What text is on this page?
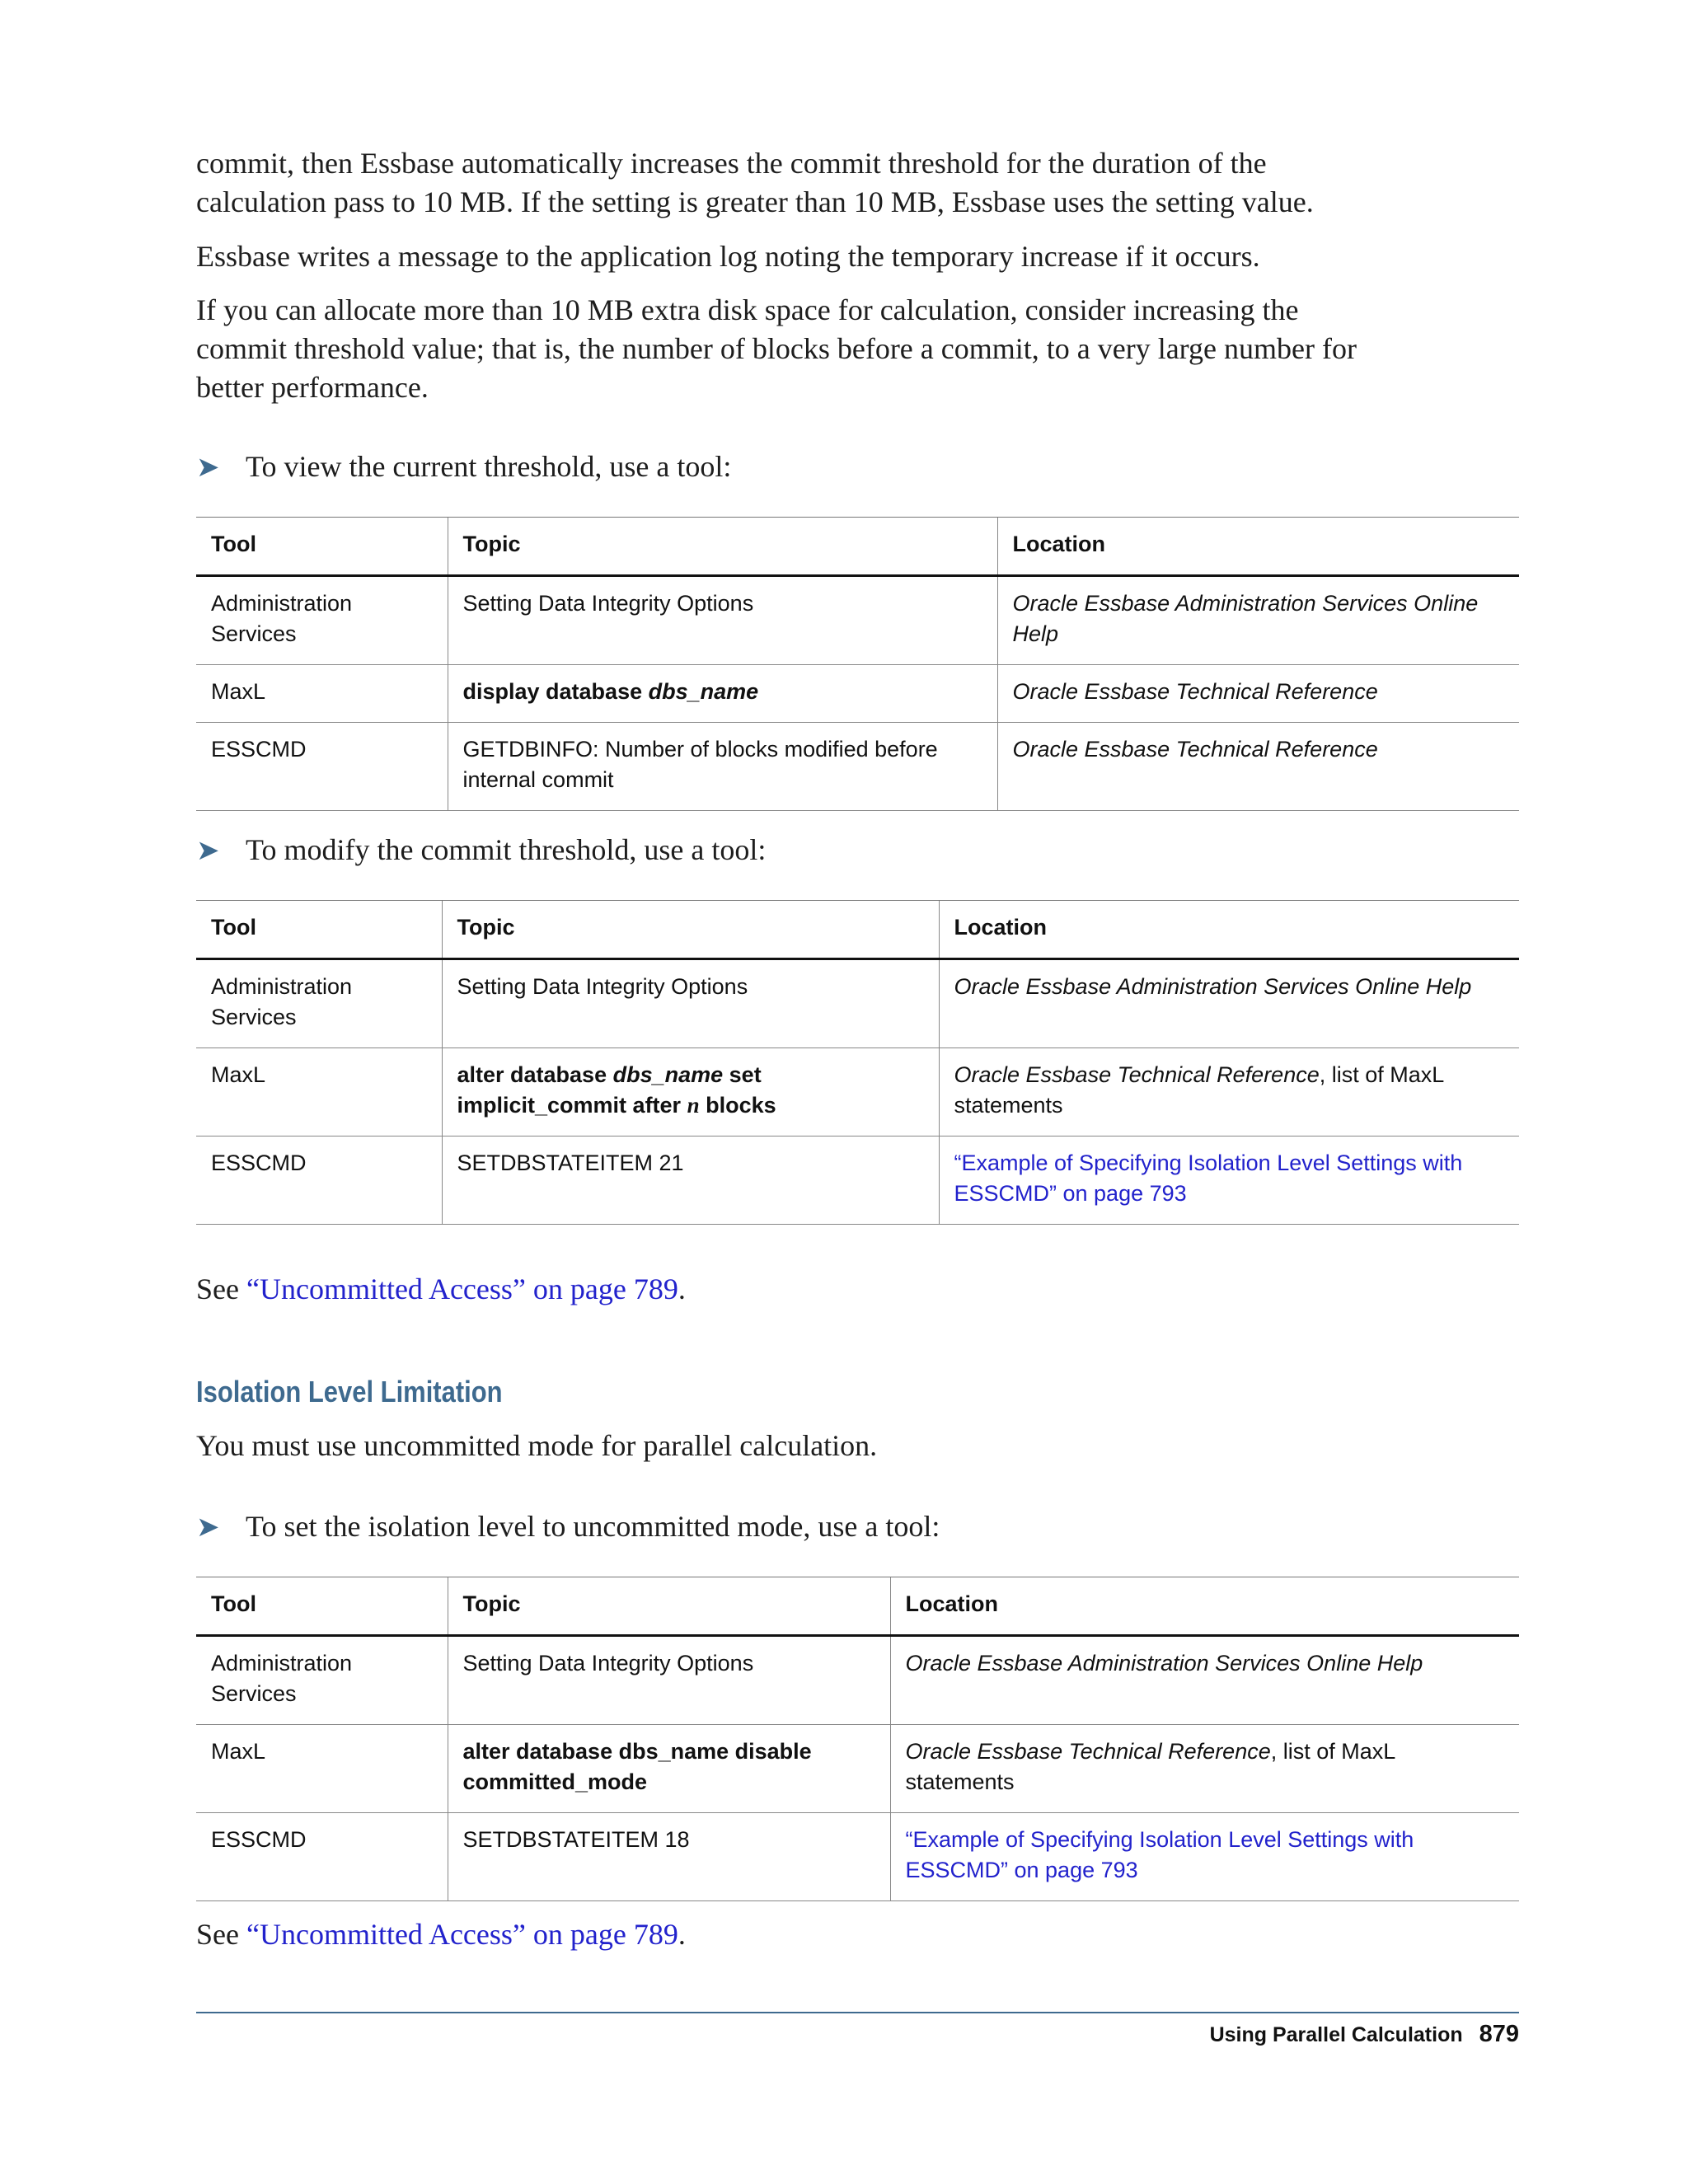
commit, then Essbase automatically increases the commit threshold for the duration of the calculation pass to 10 MB. If the setting is greater than 10 MB, Essbase uses the setting value.

Essbase writes a message to the application log noting the temporary increase if it occurs.

If you can allocate more than 10 MB extra disk space for calculation, consider increasing the commit threshold value; that is, the number of blocks before a commit, to a very large number for better performance.

➤ To view the current threshold, use a tool:
Tool	Topic	Location
Administration Services	Setting Data Integrity Options	Oracle Essbase Administration Services Online Help
MaxL	display database dbs_name	Oracle Essbase Technical Reference
ESSCMD	GETDBINFO: Number of blocks modified before internal commit	Oracle Essbase Technical Reference
➤ To modify the commit threshold, use a tool:
Tool	Topic	Location
Administration Services	Setting Data Integrity Options	Oracle Essbase Administration Services Online Help
MaxL	alter database dbs_name set implicit_commit after n blocks	Oracle Essbase Technical Reference, list of MaxL statements
ESSCMD	SETDBSTATEITEM 21	“Example of Specifying Isolation Level Settings with ESSCMD” on page 793
See “Uncommitted Access” on page 789.
Isolation Level Limitation

You must use uncommitted mode for parallel calculation.

➤ To set the isolation level to uncommitted mode, use a tool:
Tool	Topic	Location
Administration Services	Setting Data Integrity Options	Oracle Essbase Administration Services Online Help
MaxL	alter database dbs_name disable committed_mode	Oracle Essbase Technical Reference, list of MaxL statements
ESSCMD	SETDBSTATEITEM 18	“Example of Specifying Isolation Level Settings with ESSCMD” on page 793
See “Uncommitted Access” on page 789.
Using Parallel Calculation 879
